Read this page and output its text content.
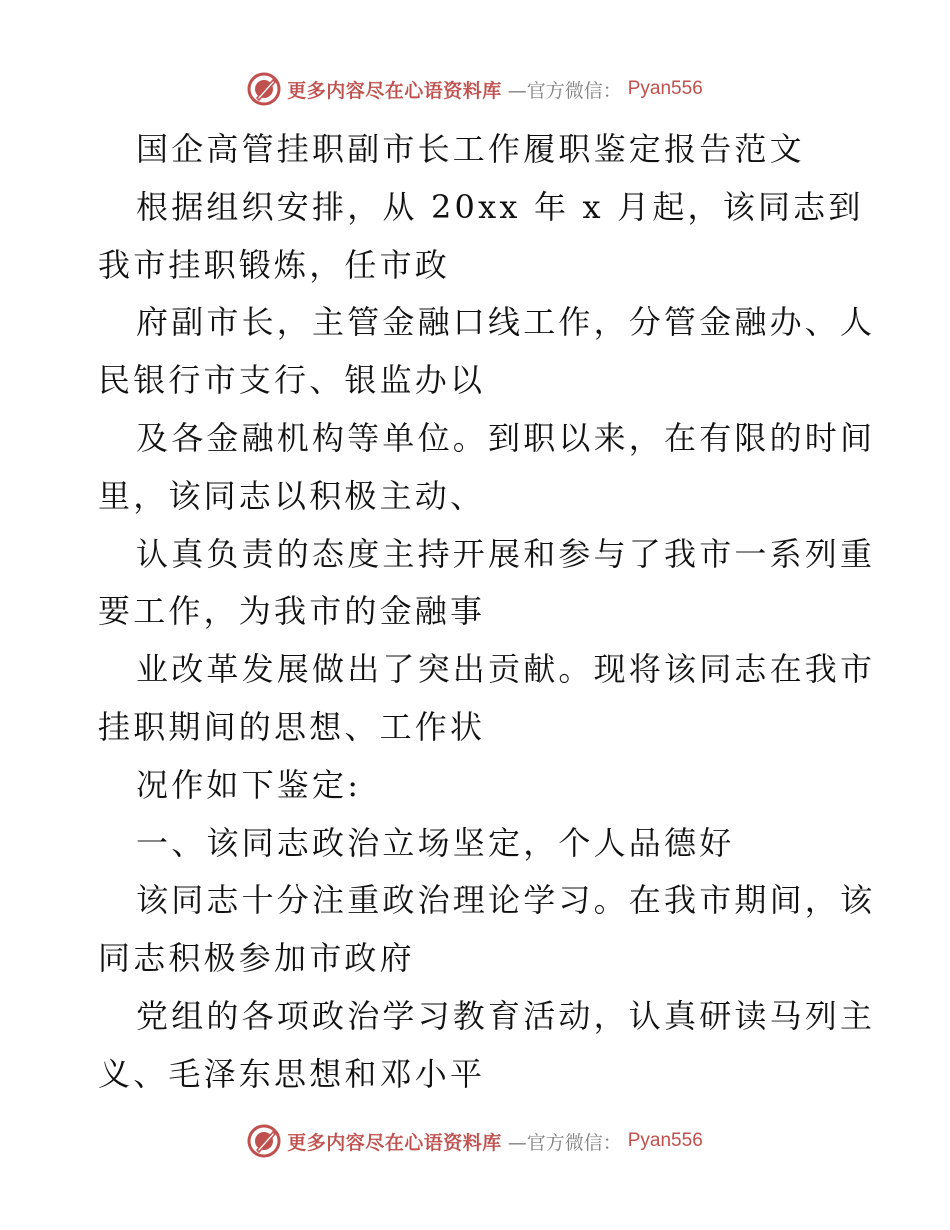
更多内容尽在心语资料库 —官方微信： Pyan556
国企高管挂职副市长工作履职鉴定报告范文
根据组织安排，从 20xx 年 x 月起，该同志到
我市挂职锻炼，任市政
府副市长，主管金融口线工作，分管金融办、人
民银行市支行、银监办以
及各金融机构等单位。到职以来，在有限的时间
里，该同志以积极主动、
认真负责的态度主持开展和参与了我市一系列重
要工作，为我市的金融事
业改革发展做出了突出贡献。现将该同志在我市
挂职期间的思想、工作状
况作如下鉴定:
一、该同志政治立场坚定，个人品德好
该同志十分注重政治理论学习。在我市期间，该
同志积极参加市政府
党组的各项政治学习教育活动，认真研读马列主
义、毛泽东思想和邓小平
更多内容尽在心语资料库 —官方微信： Pyan556
